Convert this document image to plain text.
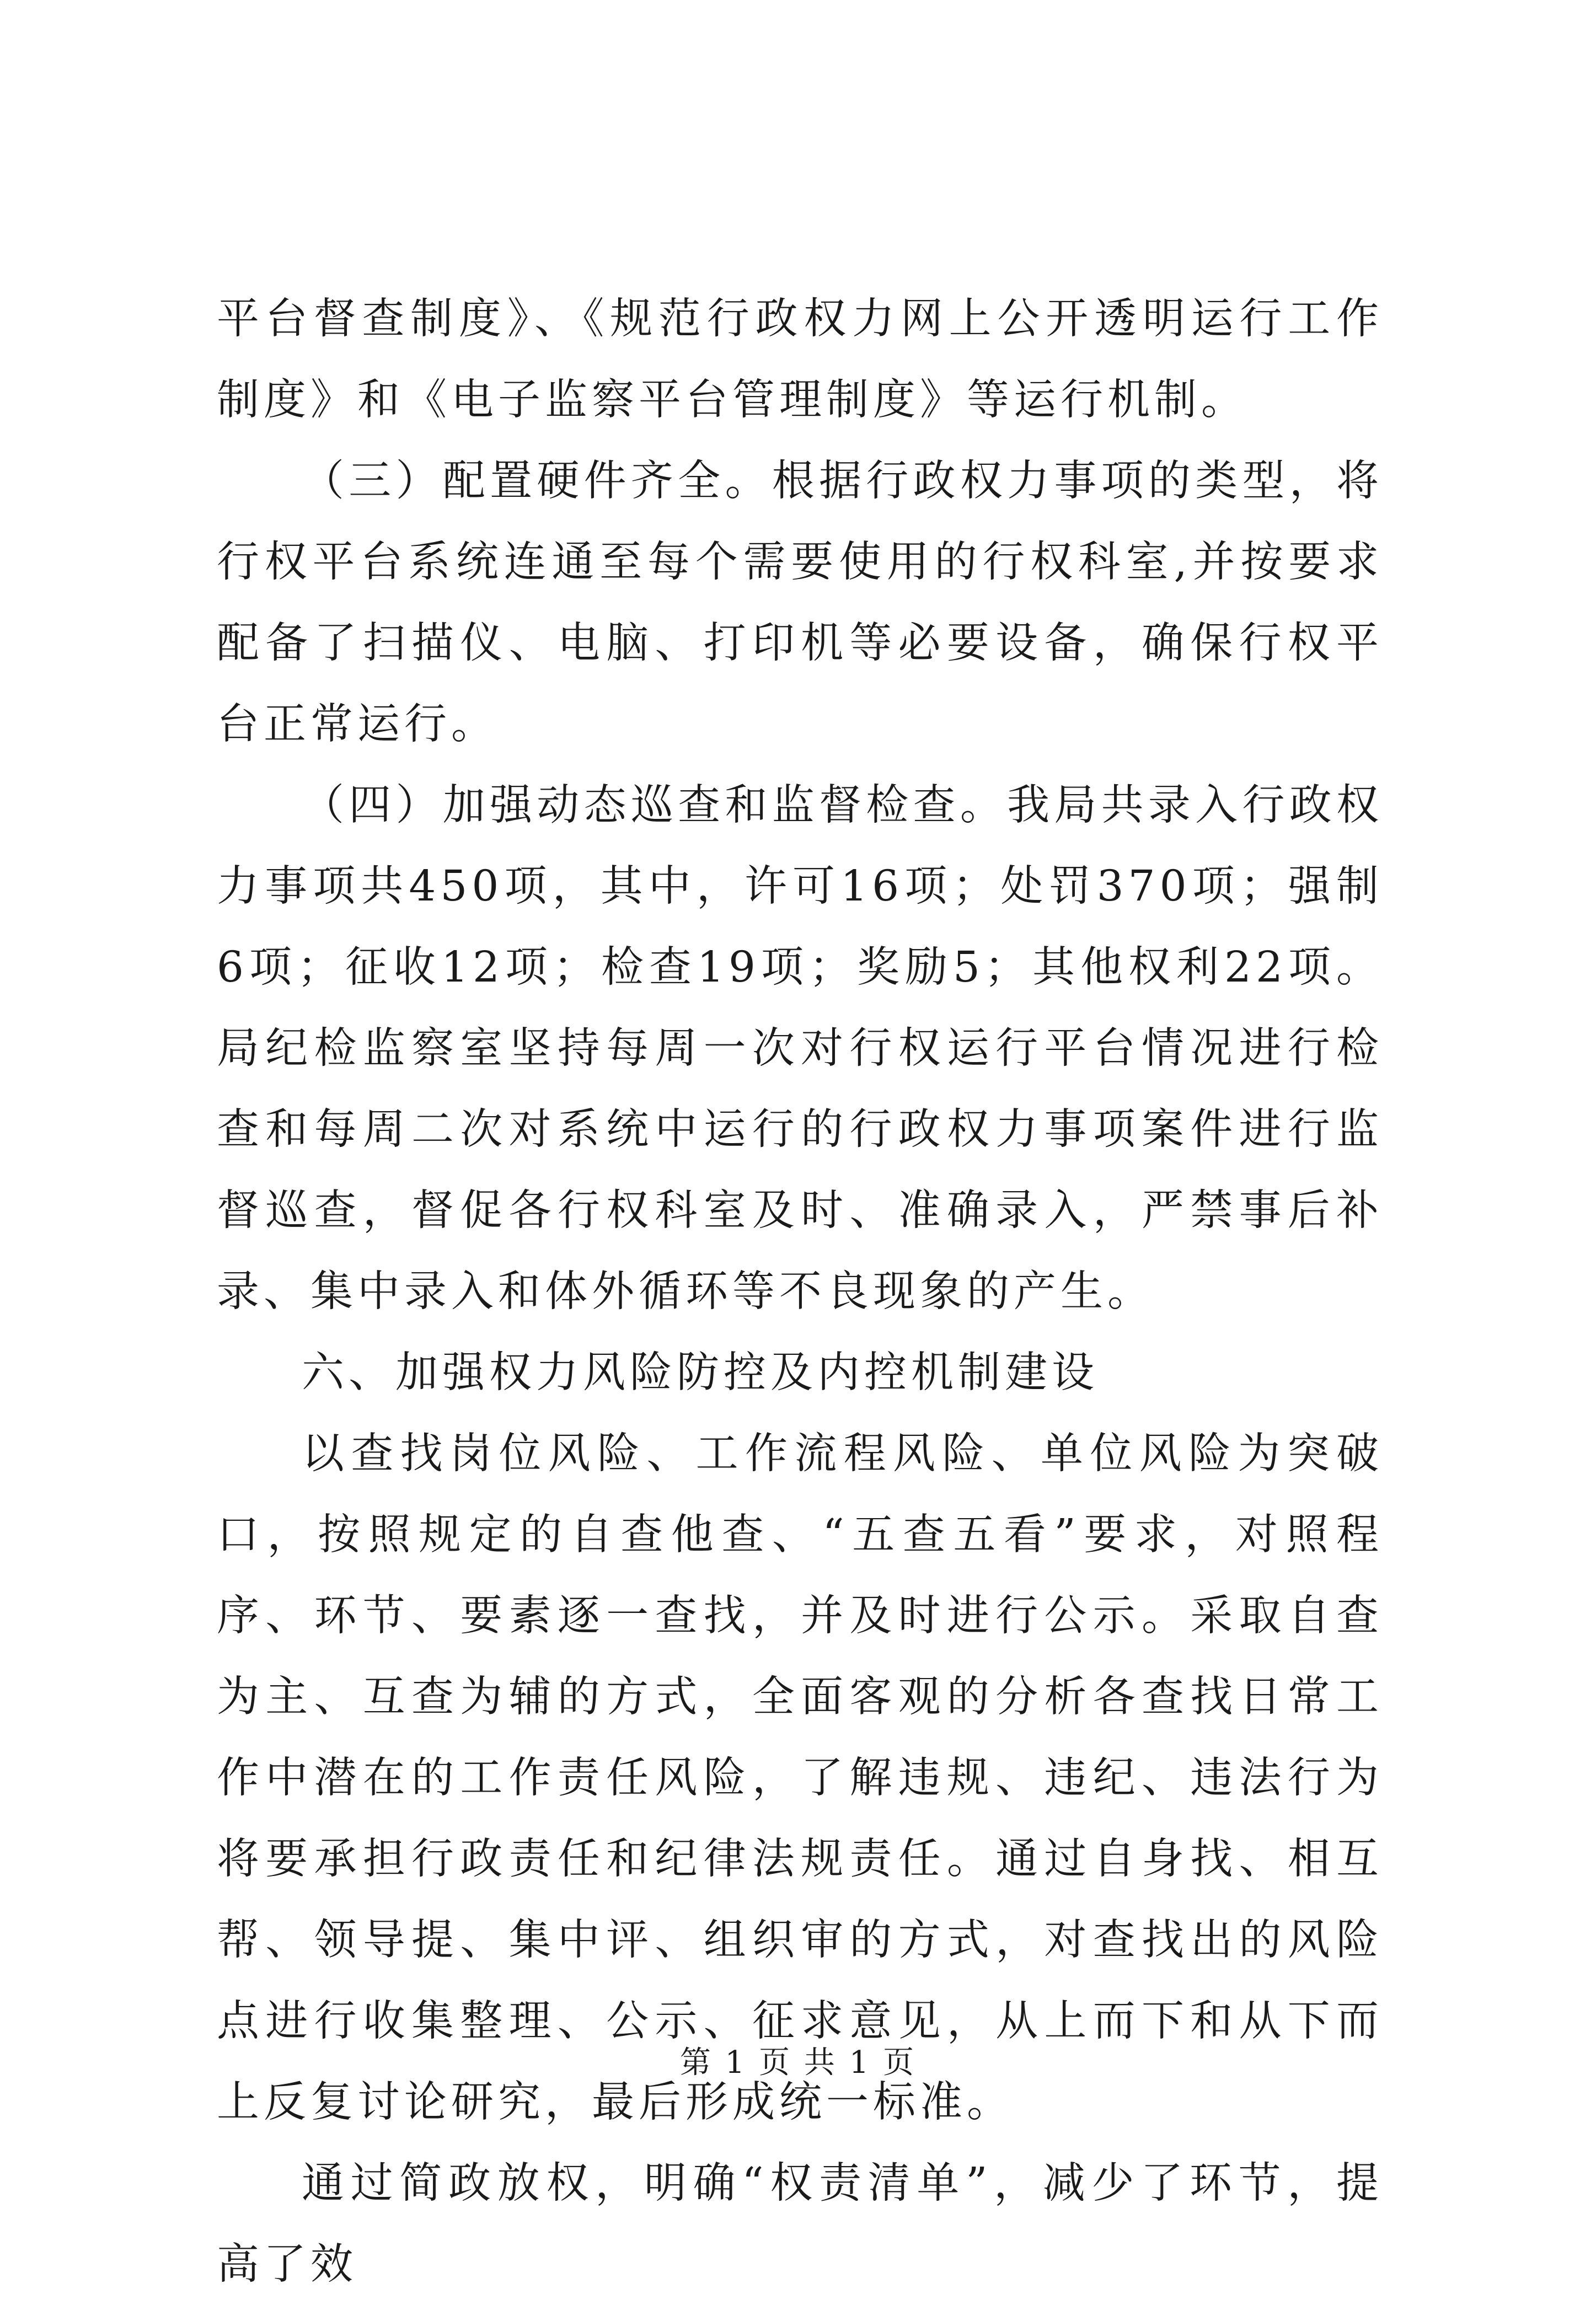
平台督查制度》、《规范行政权力网上公开透明运行工作制度》和《电子监察平台管理制度》等运行机制。

（三）配置硬件齐全。根据行政权力事项的类型，将行权平台系统连通至每个需要使用的行权科室,并按要求配备了扫描仪、电脑、打印机等必要设备，确保行权平台正常运行。

（四）加强动态巡查和监督检查。我局共录入行政权力事项共450项，其中，许可16项；处罚370项；强制6项；征收12项；检查19项；奖励5；其他权利22项。局纪检监察室坚持每周一次对行权运行平台情况进行检查和每周二次对系统中运行的行政权力事项案件进行监督巡查，督促各行权科室及时、准确录入，严禁事后补录、集中录入和体外循环等不良现象的产生。

六、加强权力风险防控及内控机制建设

以查找岗位风险、工作流程风险、单位风险为突破口，按照规定的自查他查、“五查五看”要求，对照程序、环节、要素逐一查找，并及时进行公示。采取自查为主、互查为辅的方式，全面客观的分析各查找日常工作中潜在的工作责任风险，了解违规、违纪、违法行为将要承担行政责任和纪律法规责任。通过自身找、相互帮、领导提、集中评、组织审的方式，对查找出的风险点进行收集整理、公示、征求意见，从上而下和从下而上反复讨论研究，最后形成统一标准。

通过简政放权，明确“权责清单”，减少了环节，提高了效

第 1 页 共 1 页
